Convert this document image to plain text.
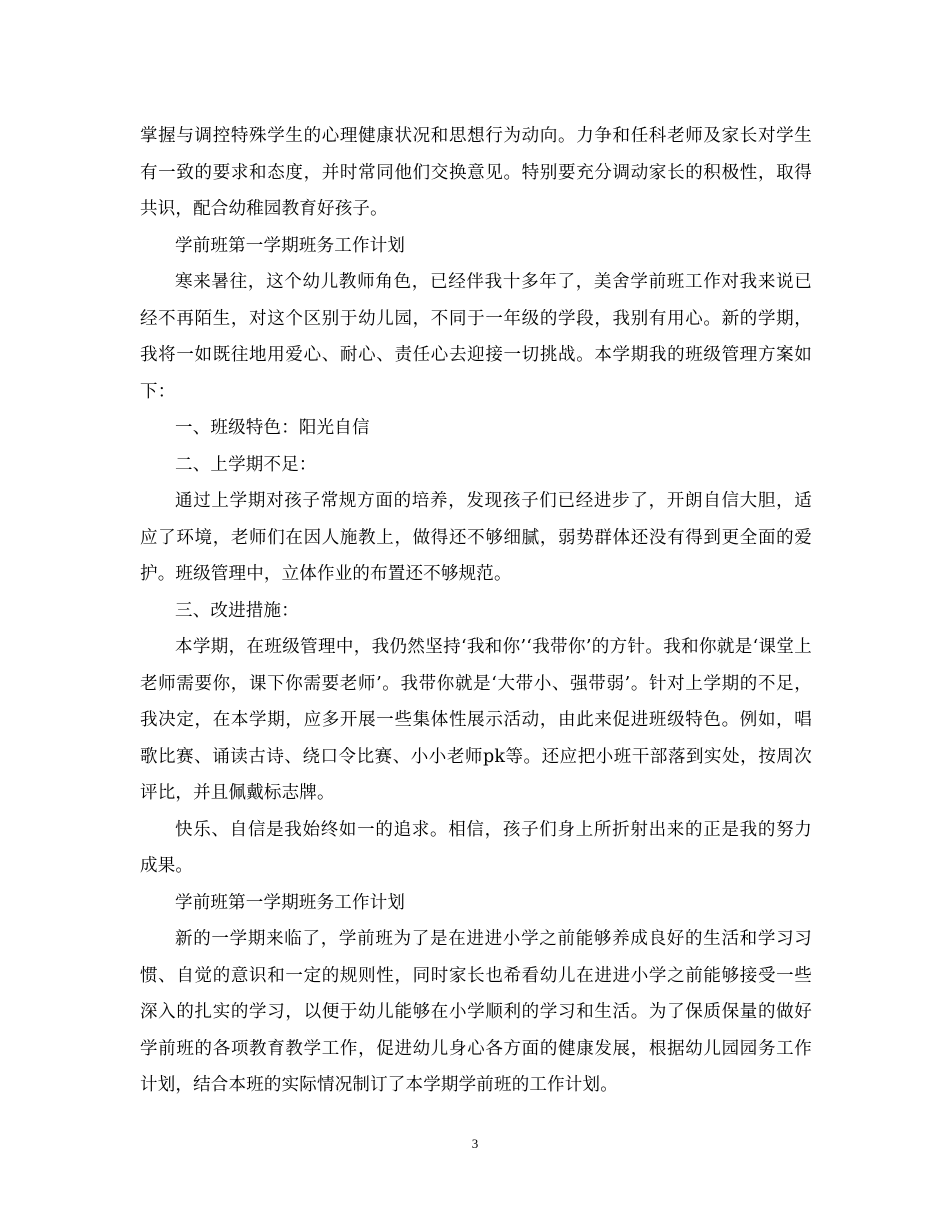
掌握与调控特殊学生的心理健康状况和思想行为动向。力争和任科老师及家长对学生有一致的要求和态度，并时常同他们交换意见。特别要充分调动家长的积极性，取得共识，配合幼稚园教育好孩子。

学前班第一学期班务工作计划

寒来暑往，这个幼儿教师角色，已经伴我十多年了，美舍学前班工作对我来说已经不再陌生，对这个区别于幼儿园，不同于一年级的学段，我别有用心。新的学期，我将一如既往地用爱心、耐心、责任心去迎接一切挑战。本学期我的班级管理方案如下：

一、班级特色：阳光自信

二、上学期不足：

通过上学期对孩子常规方面的培养，发现孩子们已经进步了，开朗自信大胆，适应了环境，老师们在因人施教上，做得还不够细腻，弱势群体还没有得到更全面的爱护。班级管理中，立体作业的布置还不够规范。

三、改进措施：

本学期，在班级管理中，我仍然坚持‘我和你’‘我带你’的方针。我和你就是‘课堂上老师需要你，课下你需要老师’。我带你就是‘大带小、强带弱’。针对上学期的不足，我决定，在本学期，应多开展一些集体性展示活动，由此来促进班级特色。例如，唱歌比赛、诵读古诗、绕口令比赛、小小老师pk等。还应把小班干部落到实处，按周次评比，并且佩戴标志牌。

快乐、自信是我始终如一的追求。相信，孩子们身上所折射出来的正是我的努力成果。

学前班第一学期班务工作计划

新的一学期来临了，学前班为了是在进进小学之前能够养成良好的生活和学习习惯、自觉的意识和一定的规则性，同时家长也希看幼儿在进进小学之前能够接受一些深入的扎实的学习，以便于幼儿能够在小学顺利的学习和生活。为了保质保量的做好学前班的各项教育教学工作，促进幼儿身心各方面的健康发展，根据幼儿园园务工作计划，结合本班的实际情况制订了本学期学前班的工作计划。

3
